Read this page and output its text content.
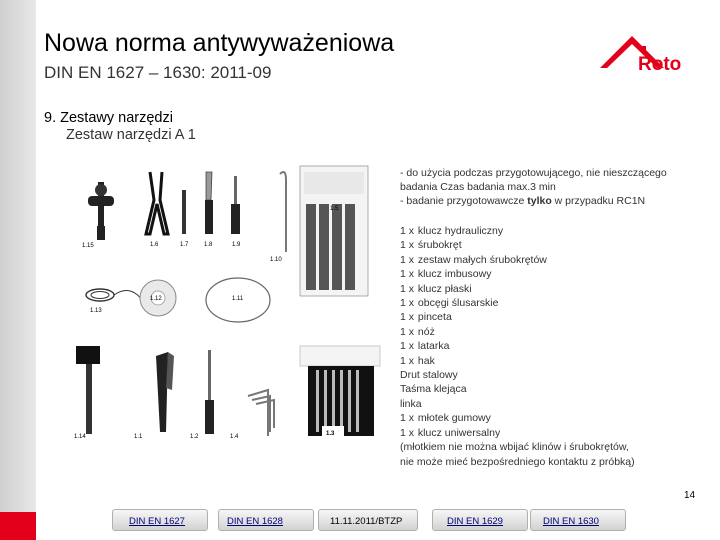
Nowa norma antywyważeniowa
DIN EN 1627 – 1630: 2011-09	Roto
9. Zestawy narzędzi
Zestaw narzędzi A 1
1.15	1.6	1.7	1.8	1.9
1.10
1.5
1.13
1.12	1.11
1.14	1.1	1.2	1.4	1.3
- do użycia podczas przygotowującego, nie nieszczącego badania Czas badania max.3 min
- badanie przygotowawcze tylko w przypadku RC1N
1 x klucz hydrauliczny
1 x śrubokręt
1 x zestaw małych śrubokrętów
1 x klucz imbusowy
1 x klucz płaski
1 x obcęgi ślusarskie
1 x pinceta
1 x nóż
1 x latarka
1 x hak
Drut stalowy
Taśma klejąca
linka
1 x młotek gumowy
1 x klucz uniwersalny
(młotkiem nie można wbijać klinów i śrubokrętów,
nie może mieć bezpośredniego kontaktu z próbką)
DIN EN 1627	DIN EN 1628	11.11.2011/BTZP	DIN EN 1629	DIN EN 1630
14
